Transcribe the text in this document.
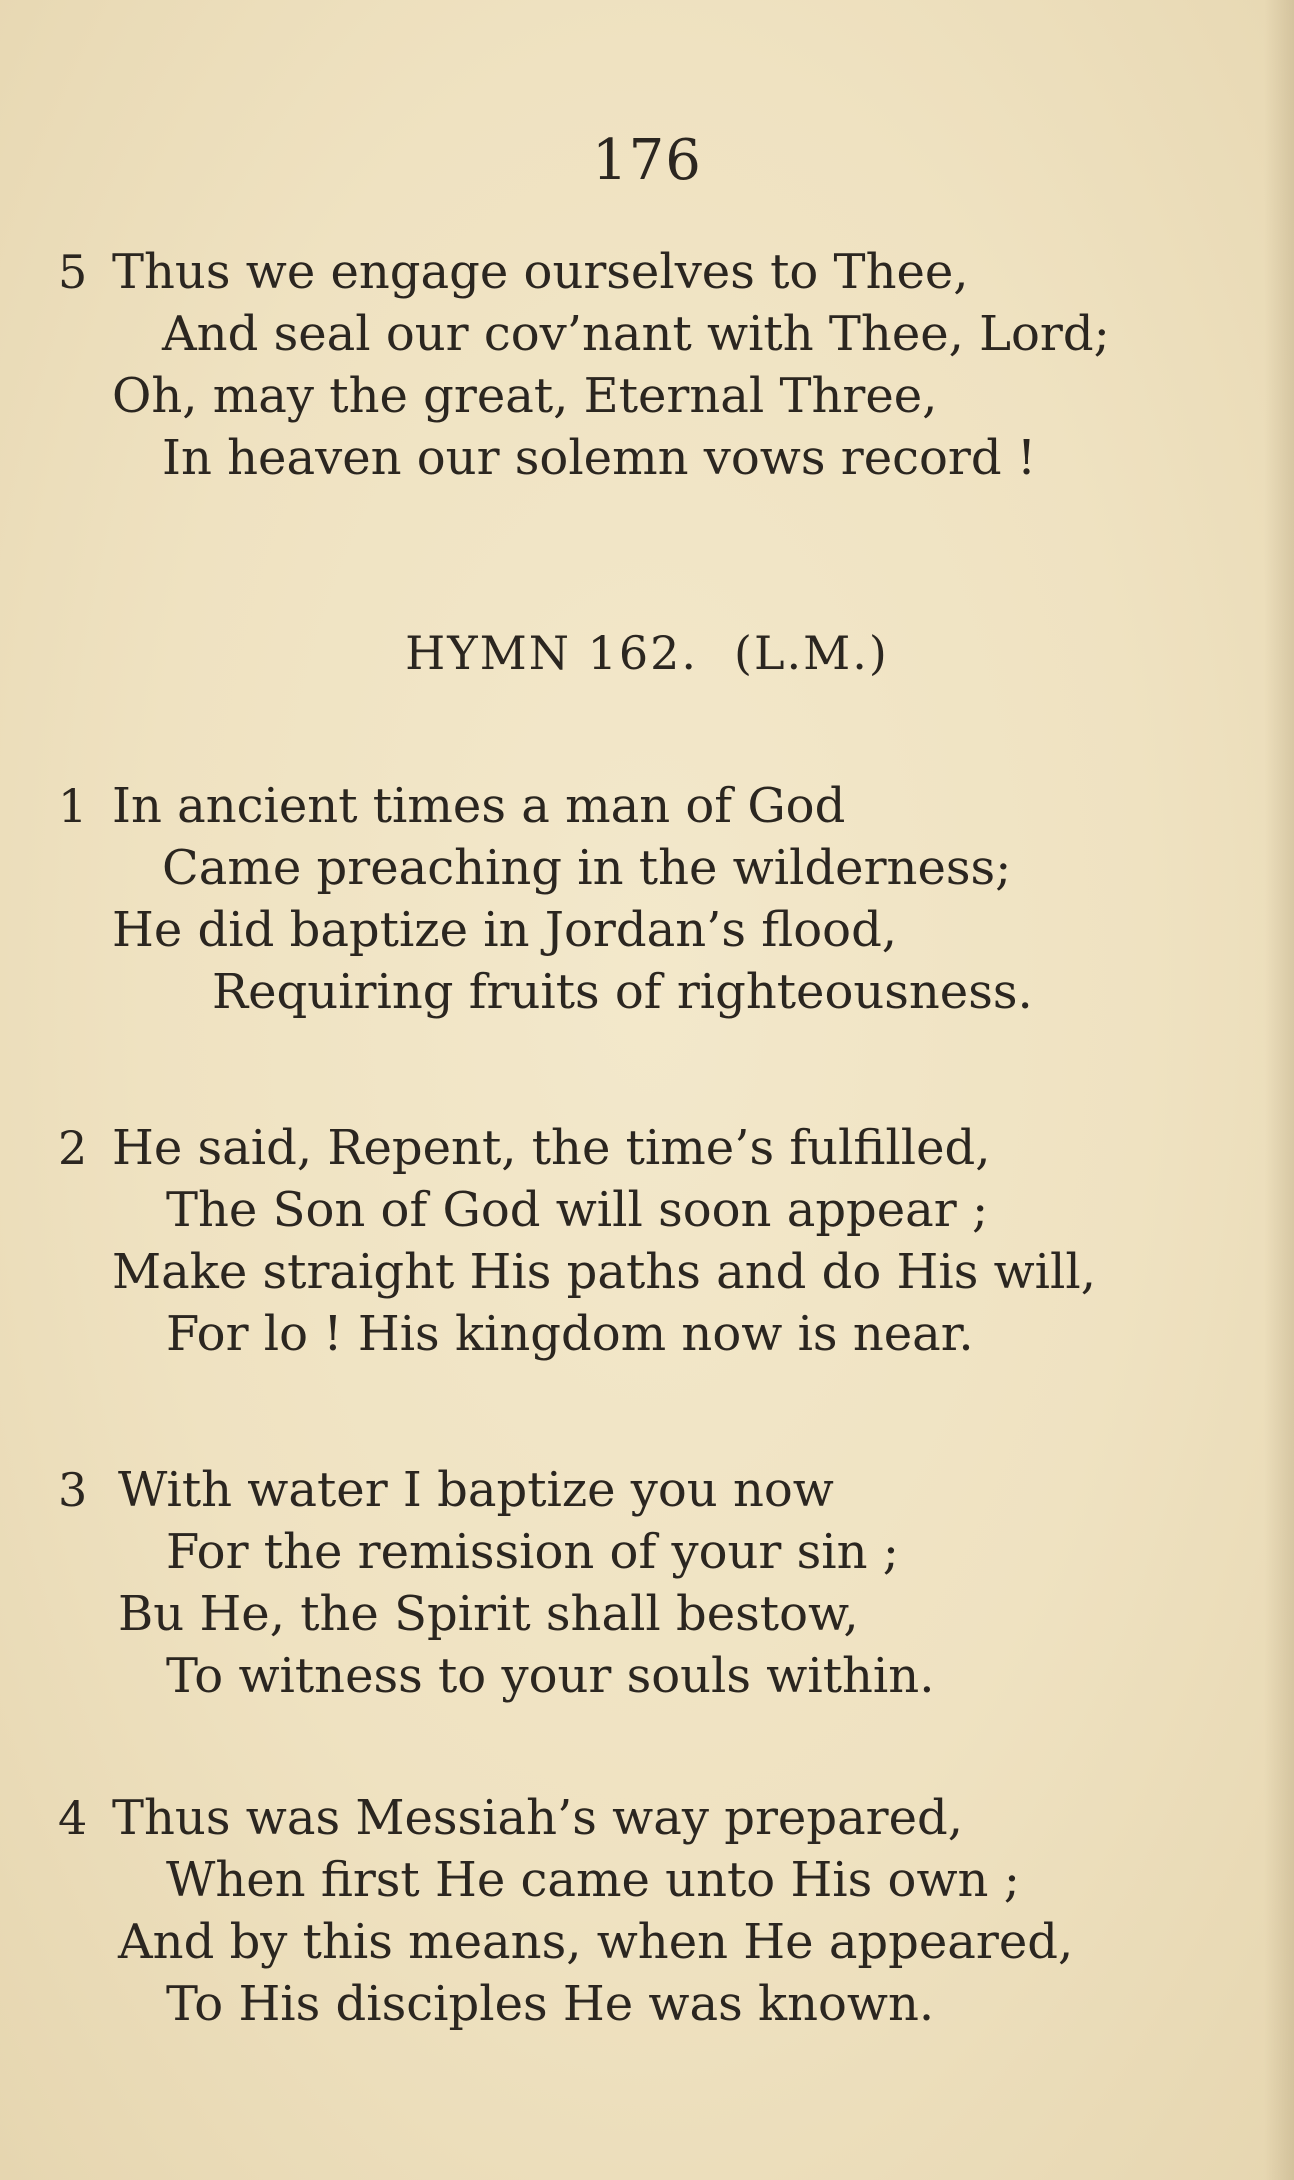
176
5 Thus we engage ourselves to Thee,
And seal our cov’nant with Thee, Lord;
Oh, may the great, Eternal Three,
In heaven our solemn vows record !
HYMN 162. (L.M.)
1 In ancient times a man of God
Came preaching in the wilderness;
He did baptize in Jordan’s flood,
Requiring fruits of righteousness.
2 He said, Repent, the time’s fulfilled,
The Son of God will soon appear ;
Make straight His paths and do His will,
For lo ! His kingdom now is near.
3 With water I baptize you now
For the remission of your sin ;
Bu He, the Spirit shall bestow,
To witness to your souls within.
4 Thus was Messiah’s way prepared,
When first He came unto His own ;
And by this means, when He appeared,
To His disciples He was known.
